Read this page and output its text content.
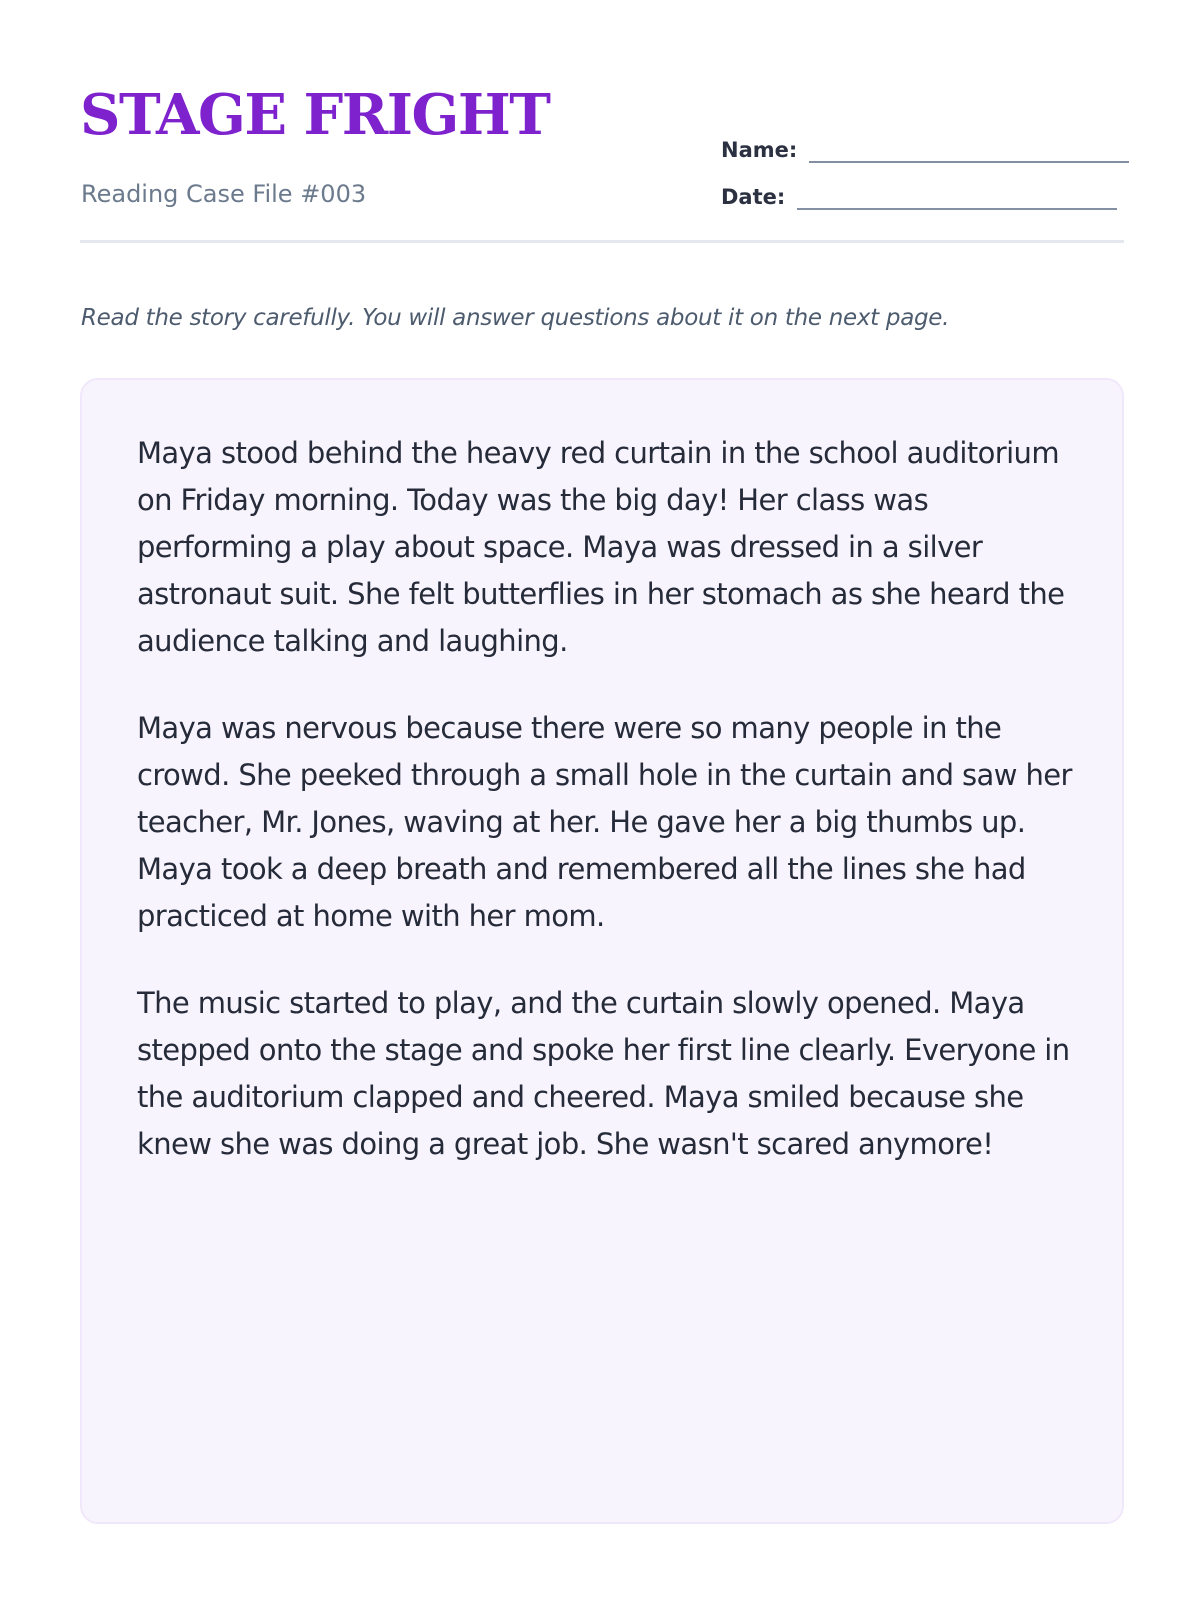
STAGE FRIGHT
Reading Case File #003
Name:
Date:
Read the story carefully. You will answer questions about it on the next page.

Maya stood behind the heavy red curtain in the school auditorium on Friday morning. Today was the big day! Her class was performing a play about space. Maya was dressed in a silver astronaut suit. She felt butterflies in her stomach as she heard the audience talking and laughing.

Maya was nervous because there were so many people in the crowd. She peeked through a small hole in the curtain and saw her teacher, Mr. Jones, waving at her. He gave her a big thumbs up. Maya took a deep breath and remembered all the lines she had practiced at home with her mom.

The music started to play, and the curtain slowly opened. Maya stepped onto the stage and spoke her first line clearly. Everyone in the auditorium clapped and cheered. Maya smiled because she knew she was doing a great job. She wasn't scared anymore!
